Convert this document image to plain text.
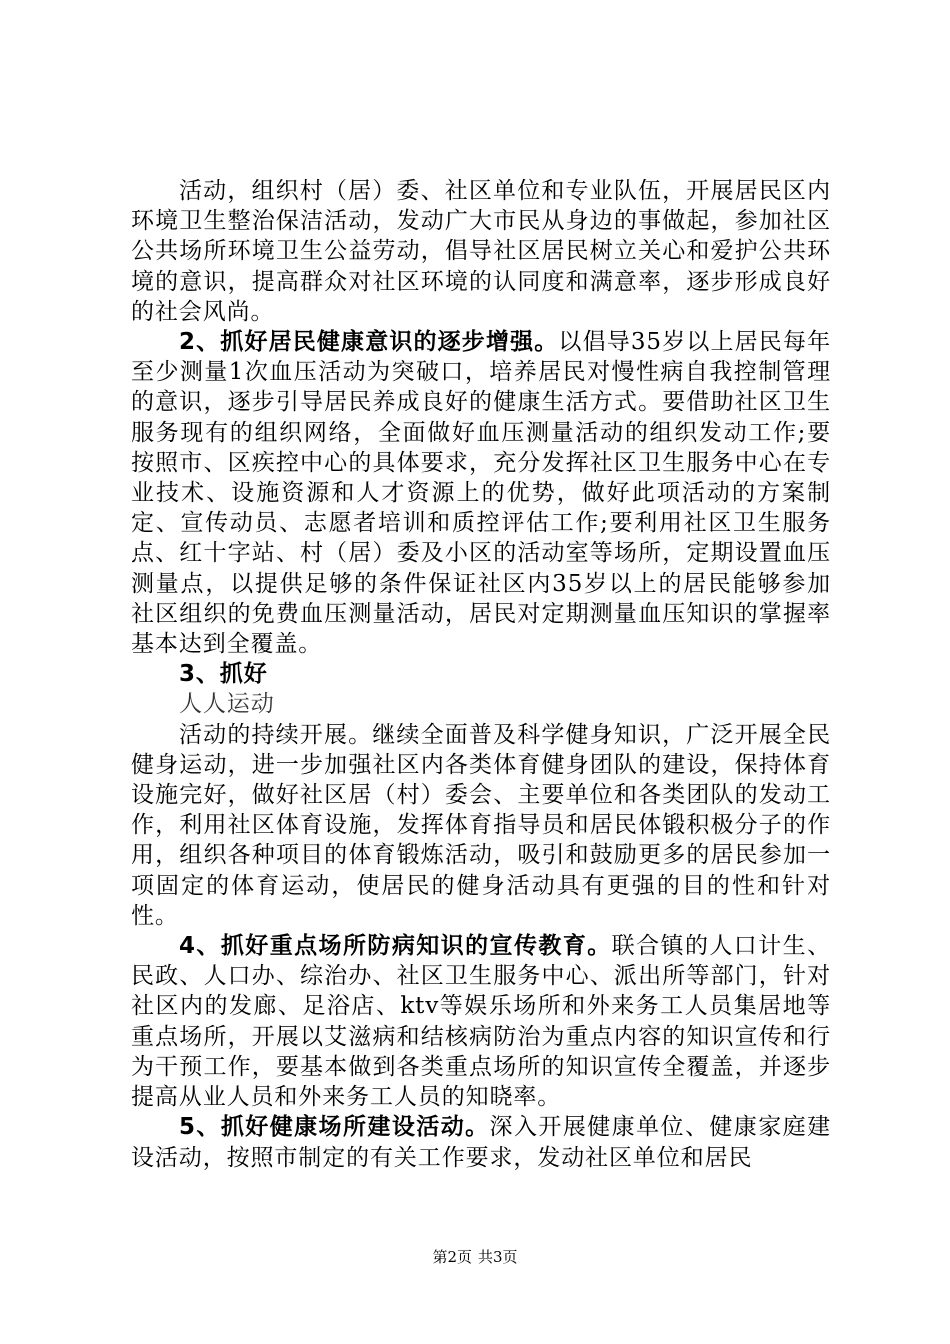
活动，组织村（居）委、社区单位和专业队伍，开展居民区内环境卫生整治保洁活动，发动广大市民从身边的事做起，参加社区公共场所环境卫生公益劳动，倡导社区居民树立关心和爱护公共环境的意识，提高群众对社区环境的认同度和满意率，逐步形成良好的社会风尚。

2、抓好居民健康意识的逐步增强。以倡导35岁以上居民每年至少测量1次血压活动为突破口，培养居民对慢性病自我控制管理的意识，逐步引导居民养成良好的健康生活方式。要借助社区卫生服务现有的组织网络，全面做好血压测量活动的组织发动工作;要按照市、区疾控中心的具体要求，充分发挥社区卫生服务中心在专业技术、设施资源和人才资源上的优势，做好此项活动的方案制定、宣传动员、志愿者培训和质控评估工作;要利用社区卫生服务点、红十字站、村（居）委及小区的活动室等场所，定期设置血压测量点，以提供足够的条件保证社区内35岁以上的居民能够参加社区组织的免费血压测量活动，居民对定期测量血压知识的掌握率基本达到全覆盖。

3、抓好

人人运动

活动的持续开展。继续全面普及科学健身知识，广泛开展全民健身运动，进一步加强社区内各类体育健身团队的建设，保持体育设施完好，做好社区居（村）委会、主要单位和各类团队的发动工作，利用社区体育设施，发挥体育指导员和居民体锻积极分子的作用，组织各种项目的体育锻炼活动，吸引和鼓励更多的居民参加一项固定的体育运动，使居民的健身活动具有更强的目的性和针对性。

4、抓好重点场所防病知识的宣传教育。联合镇的人口计生、民政、人口办、综治办、社区卫生服务中心、派出所等部门，针对社区内的发廊、足浴店、ktv等娱乐场所和外来务工人员集居地等重点场所，开展以艾滋病和结核病防治为重点内容的知识宣传和行为干预工作，要基本做到各类重点场所的知识宣传全覆盖，并逐步提高从业人员和外来务工人员的知晓率。

5、抓好健康场所建设活动。深入开展健康单位、健康家庭建设活动，按照市制定的有关工作要求，发动社区单位和居民

第2页 共3页
